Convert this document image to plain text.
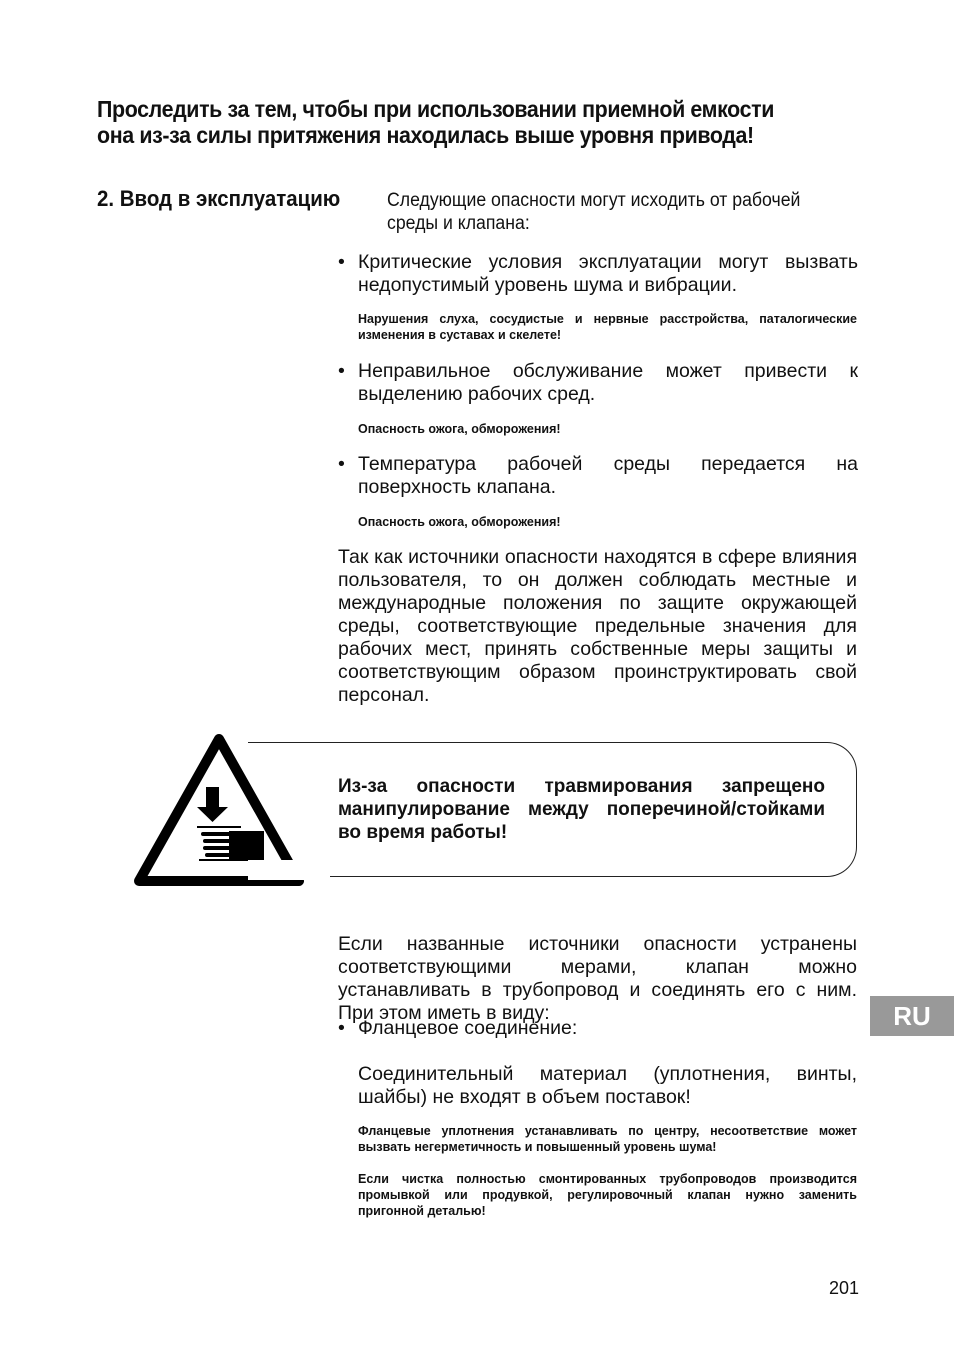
Проследить за тем, чтобы при использовании приемной емкости она из-за силы притяжения находилась выше уровня привода!
2. Ввод в эксплуатацию Следующие опасности могут исходить от рабочей среды и клапана:
• Критические условия эксплуатации могут вызвать недопустимый уровень шума и вибрации.
Нарушения слуха, сосудистые и нервные расстройства, паталогические изменения в суставах и скелете!
• Неправильное обслуживание может привести к выделению рабочих сред.
Опасность ожога, обморожения!
• Температура рабочей среды передается на поверхность клапана.
Опасность ожога, обморожения!
Так как источники опасности находятся в сфере влияния пользователя, то он должен соблюдать местные и международные положения по защите окружающей среды, соответствующие предельные значения для рабочих мест, принять собственные меры защиты и соответствующим образом проинструктировать свой персонал.
Из-за опасности травмирования запрещено манипулирование между поперечиной/стойками во время работы!
Если названные источники опасности устранены соответствующими мерами, клапан можно устанавливать в трубопровод и соединять его с ним. При этом иметь в виду:
• Фланцевое соединение:
Соединительный материал (уплотнения, винты, шайбы) не входят в объем поставок!
Фланцевые уплотнения устанавливать по центру, несоответствие может вызвать негерметичность и повышенный уровень шума!
Если чистка полностью смонтированных трубопроводов производится промывкой или продувкой, регулировочный клапан нужно заменить пригонной деталью!
RU
201
